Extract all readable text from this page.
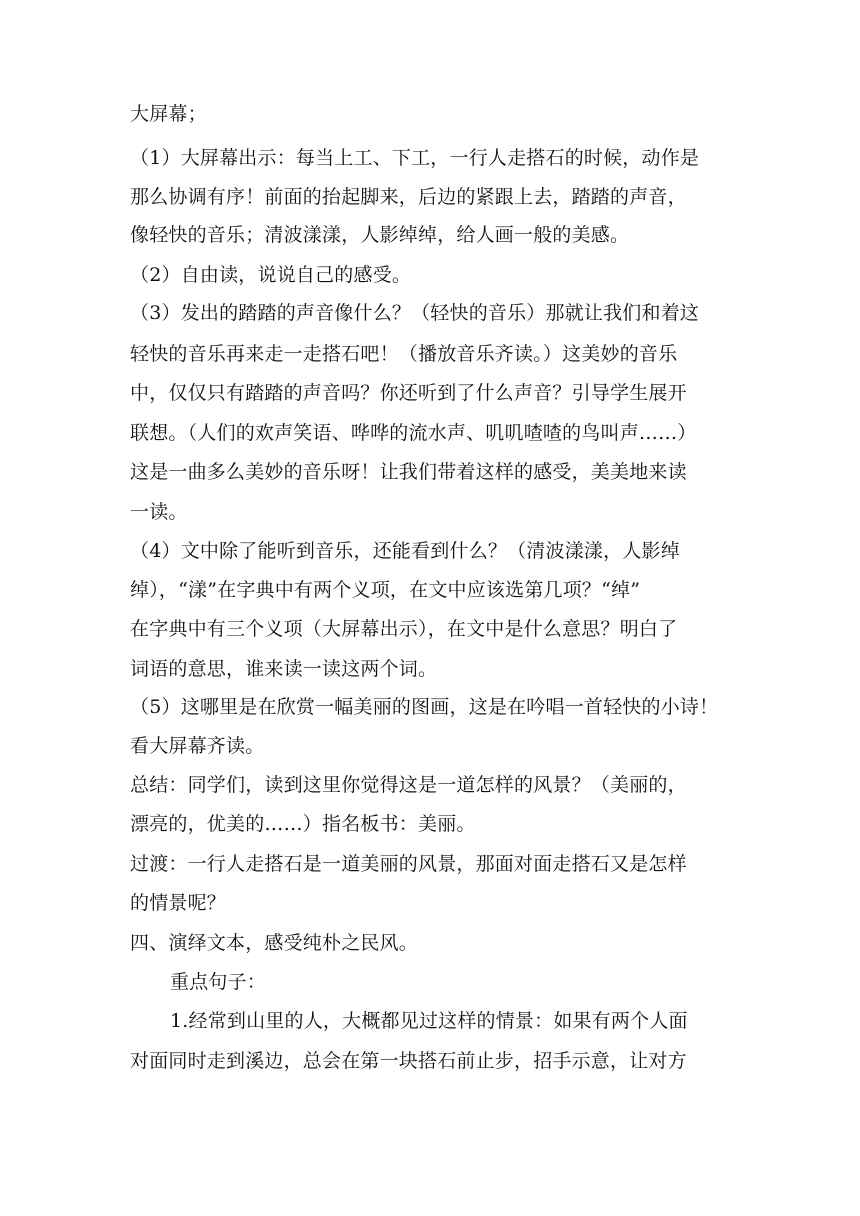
大屏幕；
（1）大屏幕出示：每当上工、下工，一行人走搭石的时候，动作是
那么协调有序！前面的抬起脚来，后边的紧跟上去，踏踏的声音，
像轻快的音乐；清波漾漾，人影绰绰，给人画一般的美感。
（2）自由读，说说自己的感受。
（3）发出的踏踏的声音像什么？（轻快的音乐）那就让我们和着这
轻快的音乐再来走一走搭石吧！（播放音乐齐读。）这美妙的音乐
中，仅仅只有踏踏的声音吗？你还听到了什么声音？引导学生展开
联想。（人们的欢声笑语、哗哗的流水声、叽叽喳喳的鸟叫声……）
这是一曲多么美妙的音乐呀！让我们带着这样的感受，美美地来读
一读。
（4）文中除了能听到音乐，还能看到什么？（清波漾漾，人影绰
绰），“漾”在字典中有两个义项，在文中应该选第几项？“绰”
在字典中有三个义项（大屏幕出示），在文中是什么意思？明白了
词语的意思，谁来读一读这两个词。
（5）这哪里是在欣赏一幅美丽的图画，这是在吟唱一首轻快的小诗！
看大屏幕齐读。
总结：同学们，读到这里你觉得这是一道怎样的风景？（美丽的，
漂亮的，优美的……）指名板书：美丽。
过渡：一行人走搭石是一道美丽的风景，那面对面走搭石又是怎样
的情景呢？
四、演绎文本，感受纯朴之民风。
重点句子：
1.经常到山里的人，大概都见过这样的情景：如果有两个人面
对面同时走到溪边，总会在第一块搭石前止步，招手示意，让对方
